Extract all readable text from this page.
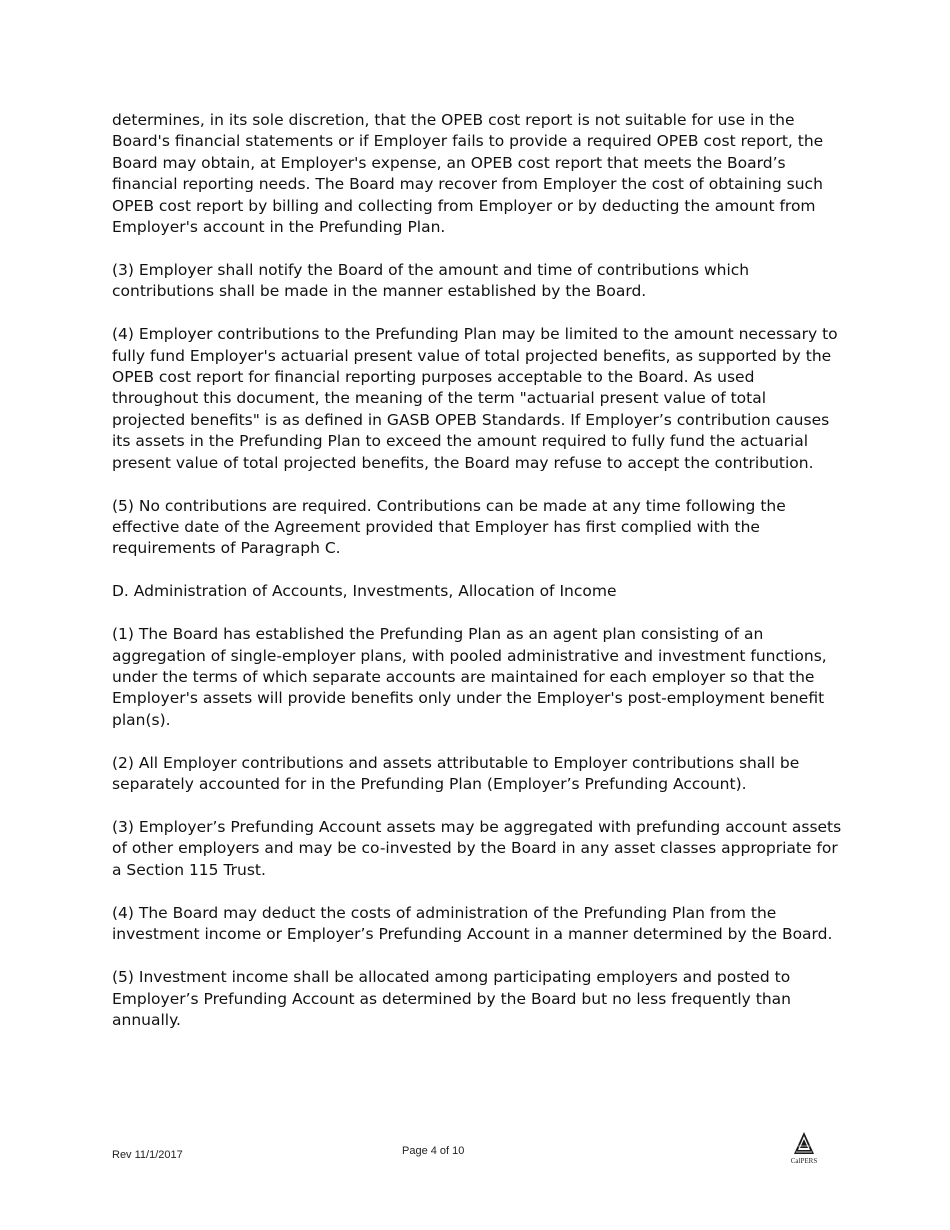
determines, in its sole discretion, that the OPEB cost report is not suitable for use in the Board's financial statements or if Employer fails to provide a required OPEB cost report, the Board may obtain, at Employer's expense, an OPEB cost report that meets the Board’s financial reporting needs. The Board may recover from Employer the cost of obtaining such OPEB cost report by billing and collecting from Employer or by deducting the amount from Employer's account in the Prefunding Plan.

(3) Employer shall notify the Board of the amount and time of contributions which contributions shall be made in the manner established by the Board.

(4) Employer contributions to the Prefunding Plan may be limited to the amount necessary to fully fund Employer's actuarial present value of total projected benefits, as supported by the OPEB cost report for financial reporting purposes acceptable to the Board. As used throughout this document, the meaning of the term "actuarial present value of total projected benefits" is as defined in GASB OPEB Standards. If Employer’s contribution causes its assets in the Prefunding Plan to exceed the amount required to fully fund the actuarial present value of total projected benefits, the Board may refuse to accept the contribution.

(5) No contributions are required. Contributions can be made at any time following the effective date of the Agreement provided that Employer has first complied with the requirements of Paragraph C.

D. Administration of Accounts, Investments, Allocation of Income

(1) The Board has established the Prefunding Plan as an agent plan consisting of an aggregation of single-employer plans, with pooled administrative and investment functions, under the terms of which separate accounts are maintained for each employer so that the Employer's assets will provide benefits only under the Employer's post-employment benefit plan(s).

(2) All Employer contributions and assets attributable to Employer contributions shall be separately accounted for in the Prefunding Plan (Employer’s Prefunding Account).

(3) Employer’s Prefunding Account assets may be aggregated with prefunding account assets of other employers and may be co-invested by the Board in any asset classes appropriate for a Section 115 Trust.

(4) The Board may deduct the costs of administration of the Prefunding Plan from the investment income or Employer’s Prefunding Account in a manner determined by the Board.

(5) Investment income shall be allocated among participating employers and posted to Employer’s Prefunding Account as determined by the Board but no less frequently than annually.

Rev 11/1/2017	Page 4 of 10
CalPERS
